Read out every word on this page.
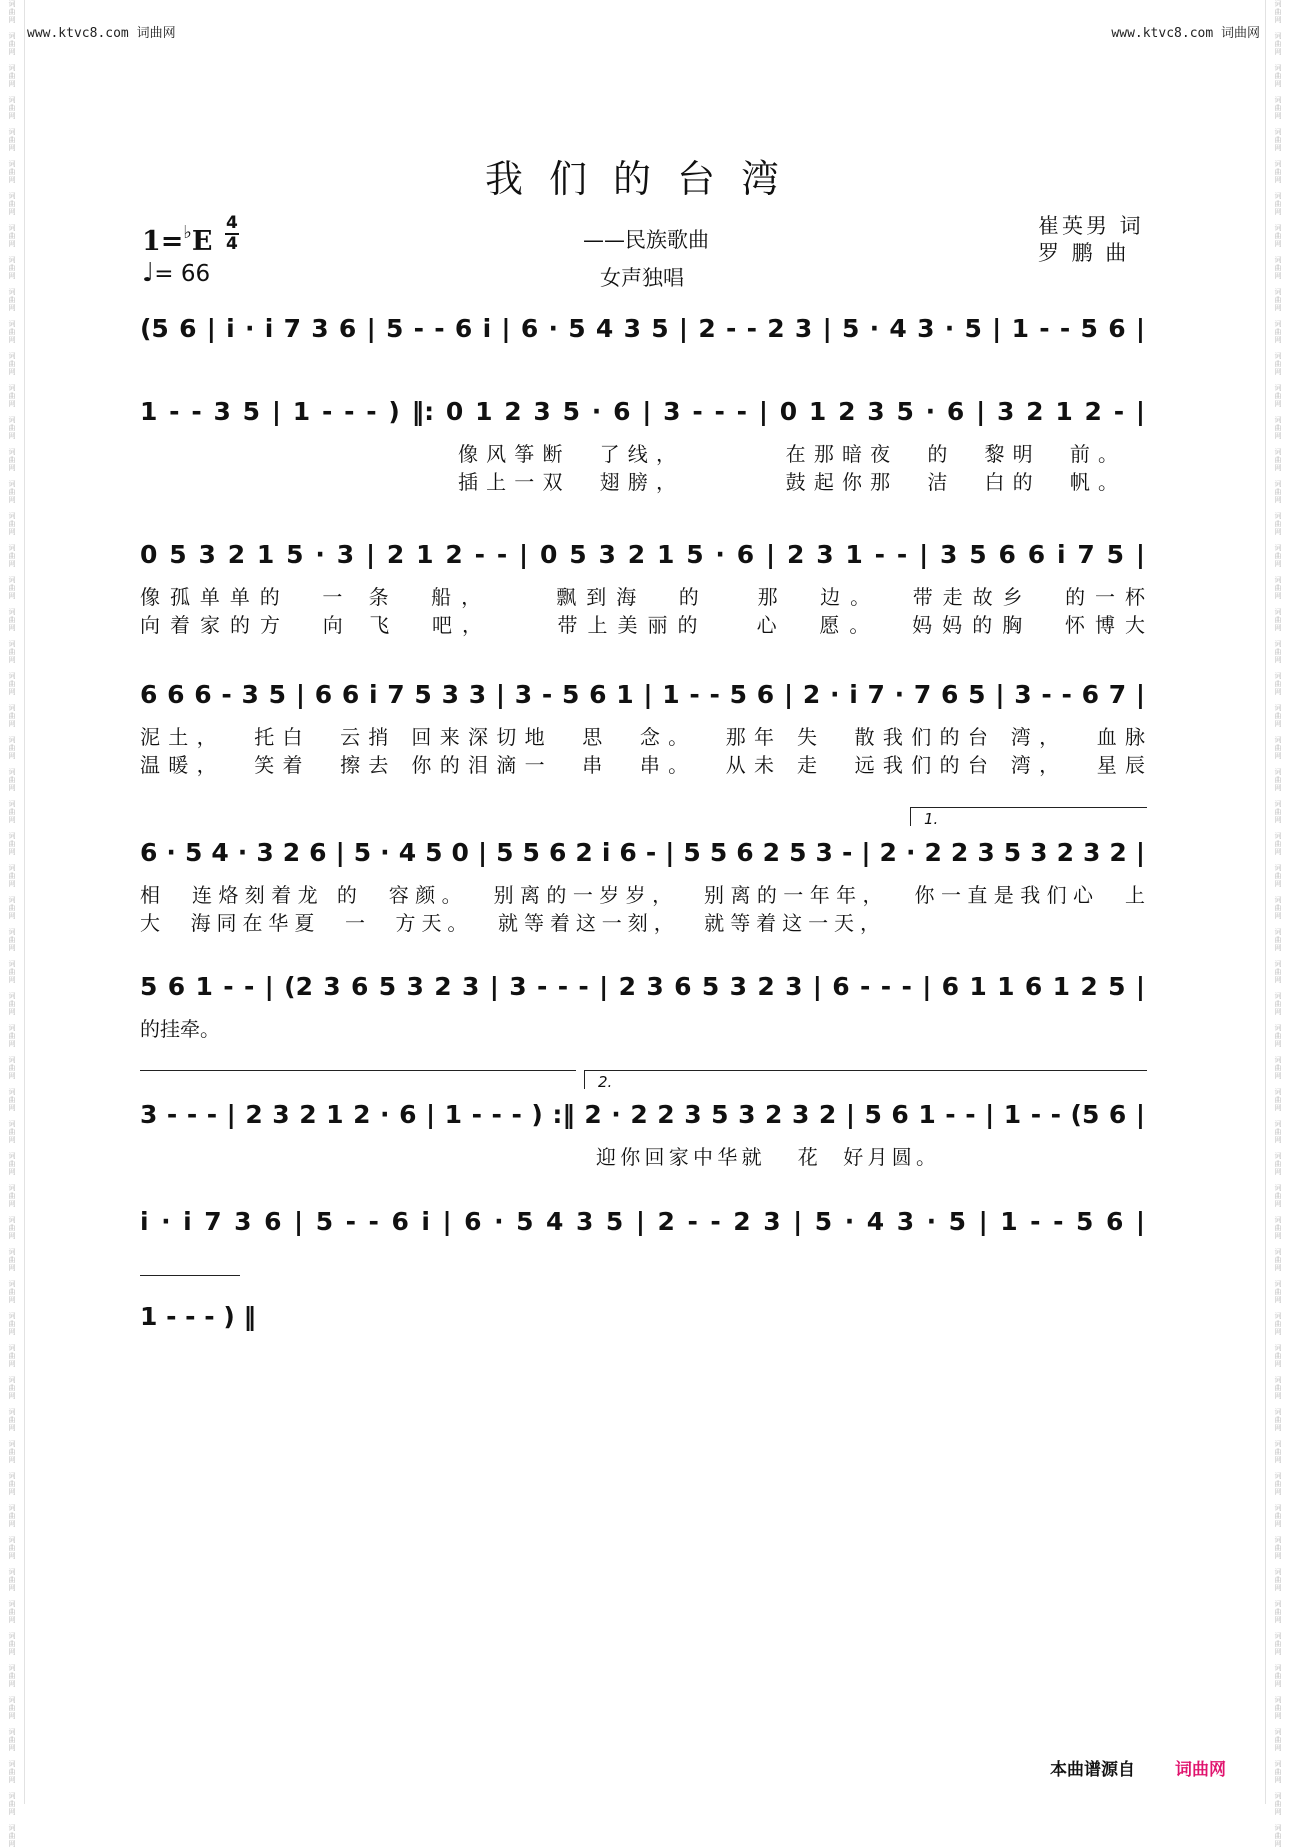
词
曲
网

词
曲
网

词
曲
网

词
曲
网

词
曲
网

词
曲
网

词
曲
网

词
曲
网

词
曲
网

词
曲
网

词
曲
网

词
曲
网

词
曲
网

词
曲
网

词
曲
网

词
曲
网

词
曲
网

词
曲
网

词
曲
网

词
曲
网

词
曲
网

词
曲
网

词
曲
网

词
曲
网

词
曲
网

词
曲
网

词
曲
网

词
曲
网

词
曲
网

词
曲
网

词
曲
网

词
曲
网

词
曲
网

词
曲
网

词
曲
网

词
曲
网

词
曲
网

词
曲
网

词
曲
网

词
曲
网

词
曲
网

词
曲
网

词
曲
网

词
曲
网

词
曲
网

词
曲
网

词
曲
网

词
曲
网

词
曲
网

词
曲
网

词
曲
网

词
曲
网

词
曲
网

词
曲
网

词
曲
网

词
曲
网

词
曲
网

词
曲
网

词
曲
网

词
曲
网

词
曲
网

词
曲
网

词
曲
网

词
曲
网

词
曲
网

词
曲
网

词
曲
网

词
曲
网

词
曲
网

词
曲
网

词
曲
网

词
曲
网

词
曲
网

词
曲
网

词
曲
网

词
曲
网

词
曲
网

词
曲
网

词
曲
网

词
曲
网

词
曲
网

词
曲
网

词
曲
网

词
曲
网

词
曲
网

词
曲
网

词
曲
网

词
曲
网

词
曲
网

词
曲
网

词
曲
网

词
曲
网

词
曲
网

词
曲
网

词
曲
网

词
曲
网

词
曲
网

词
曲
网

词
曲
网

词
曲
网

词
曲
网

词
曲
网

词
曲
网

词
曲
网

词
曲
网

词
曲
网

词
曲
网

词
曲
网

词
曲
网

词
曲
网

词
曲
网

词
曲
网

词
曲
网

词
曲
网

词
曲
网

词
曲
网

www.ktvc8.com 词曲网	www.ktvc8.com 词曲网
我们的台湾
1=♭E
4
4
♩= 66
——民族歌曲
女声独唱
崔英男 词
罗 鹏 曲
(5 6 | i · i 7 3 6 | 5 - - 6 i | 6 · 5 4 3 5 | 2 - - 2 3 | 5 · 4 3 · 5 | 1 - - 5 6 |
1 - - 3 5 | 1 - - - ) ‖: 0 1 2 3 5 · 6 | 3 - - - | 0 1 2 3 5 · 6 | 3 2 1 2 - |
像风筝断  了线，       在那暗夜  的  黎明  前。
插上一双  翅膀，       鼓起你那  洁  白的  帆。
0 5 3 2 1 5 · 3 | 2 1 2 - - | 0 5 3 2 1 5 · 6 | 2 3 1 - - | 3 5 6 6 i 7 5 |
像孤单单的  一 条  船，    飘到海  的   那  边。  带走故乡  的一杯
向着家的方  向 飞  吧，    带上美丽的   心  愿。  妈妈的胸  怀博大
6 6 6 - 3 5 | 6 6 i 7 5 3 3 | 3 - 5 6 1 | 1 - - 5 6 | 2 · i 7 · 7 6 5 | 3 - - 6 7 |
泥土，  托白  云捎 回来深切地  思  念。  那年 失  散我们的台 湾，  血脉
温暖，  笑着  擦去 你的泪滴一  串  串。  从未 走  远我们的台 湾，  星辰
6 · 5 4 · 3 2 6 | 5 · 4 5 0 | 5 5 6 2 i 6 - | 5 5 6 2 5 3 - | 2 · 2 2 3 5 3 2 3 2 |
相  连烙刻着龙 的  容颜。  别离的一岁岁，  别离的一年年，  你一直是我们心  上
大  海同在华夏  一  方天。  就等着这一刻，  就等着这一天，
5 6 1 - - | (2 3 6 5 3 2 3 | 3 - - - | 2 3 6 5 3 2 3 | 6 - - - | 6 1 1 6 1 2 5 |
的挂牵。
3 - - - | 2 3 2 1 2 · 6 | 1 - - - ) :‖ 2 · 2 2 3 5 3 2 3 2 | 5 6 1 - - | 1 - - (5 6 |
迎你回家中华就   花  好月圆。
i · i 7 3 6 | 5 - - 6 i | 6 · 5 4 3 5 | 2 - - 2 3 | 5 · 4 3 · 5 | 1 - - 5 6 |
1 - - - ) ‖
1.
2.
本曲谱源自 词曲网
